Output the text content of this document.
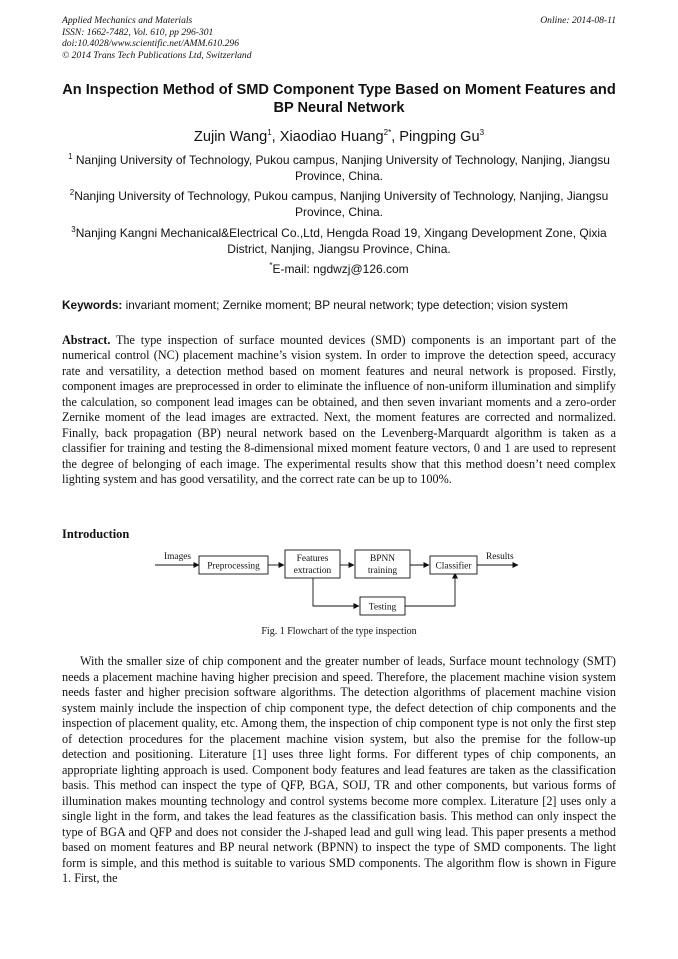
Applied Mechanics and Materials
ISSN: 1662-7482, Vol. 610, pp 296-301
doi:10.4028/www.scientific.net/AMM.610.296
© 2014 Trans Tech Publications Ltd, Switzerland
Online: 2014-08-11
An Inspection Method of SMD Component Type Based on Moment Features and BP Neural Network
Zujin Wang$^1$, Xiaodiao Huang$^{2*}$, Pingping Gu$^3$
$^1$ Nanjing University of Technology, Pukou campus, Nanjing University of Technology, Nanjing, Jiangsu Province, China.
$^2$Nanjing University of Technology, Pukou campus, Nanjing University of Technology, Nanjing, Jiangsu Province, China.
$^3$Nanjing Kangni Mechanical&Electrical Co.,Ltd, Hengda Road 19, Xingang Development Zone, Qixia District, Nanjing, Jiangsu Province, China.
*E-mail: ngdwzj@126.com
Keywords: invariant moment; Zernike moment; BP neural network; type detection; vision system
Abstract. The type inspection of surface mounted devices (SMD) components is an important part of the numerical control (NC) placement machine’s vision system. In order to improve the detection speed, accuracy rate and versatility, a detection method based on moment features and neural network is proposed. Firstly, component images are preprocessed in order to eliminate the influence of non-uniform illumination and simplify the calculation, so component lead images can be obtained, and then seven invariant moments and a zero-order Zernike moment of the lead images are extracted. Next, the moment features are corrected and normalized. Finally, back propagation (BP) neural network based on the Levenberg-Marquardt algorithm is taken as a classifier for training and testing the 8-dimensional mixed moment feature vectors, 0 and 1 are used to represent the degree of belonging of each image. The experimental results show that this method doesn’t need complex lighting system and has good versatility, and the correct rate can be up to 100%.
Introduction
Images	Results
Preprocessing
Features
extraction
BPNN
training	Classifier
Testing
Fig. 1 Flowchart of the type inspection
With the smaller size of chip component and the greater number of leads, Surface mount technology (SMT) needs a placement machine having higher precision and speed. Therefore, the placement machine vision system needs faster and higher precision software algorithms. The detection algorithms of placement machine vision system mainly include the inspection of chip component type, the defect detection of chip components and the inspection of placement quality, etc. Among them, the inspection of chip component type is not only the first step of detection procedures for the placement machine vision system, but also the premise for the follow-up detection and positioning. Literature [1] uses three light forms. For different types of chip components, an appropriate lighting approach is used. Component body features and lead features are taken as the classification basis. This method can inspect the type of QFP, BGA, SOIJ, TR and other components, but various forms of illumination makes mounting technology and control systems become more complex. Literature [2] uses only a single light in the form, and takes the lead features as the classification basis. This method can only inspect the type of BGA and QFP and does not consider the J-shaped lead and gull wing lead. This paper presents a method based on moment features and BP neural network (BPNN) to inspect the type of SMD components. The light form is simple, and this method is suitable to various SMD components. The algorithm flow is shown in Figure 1. First, the
